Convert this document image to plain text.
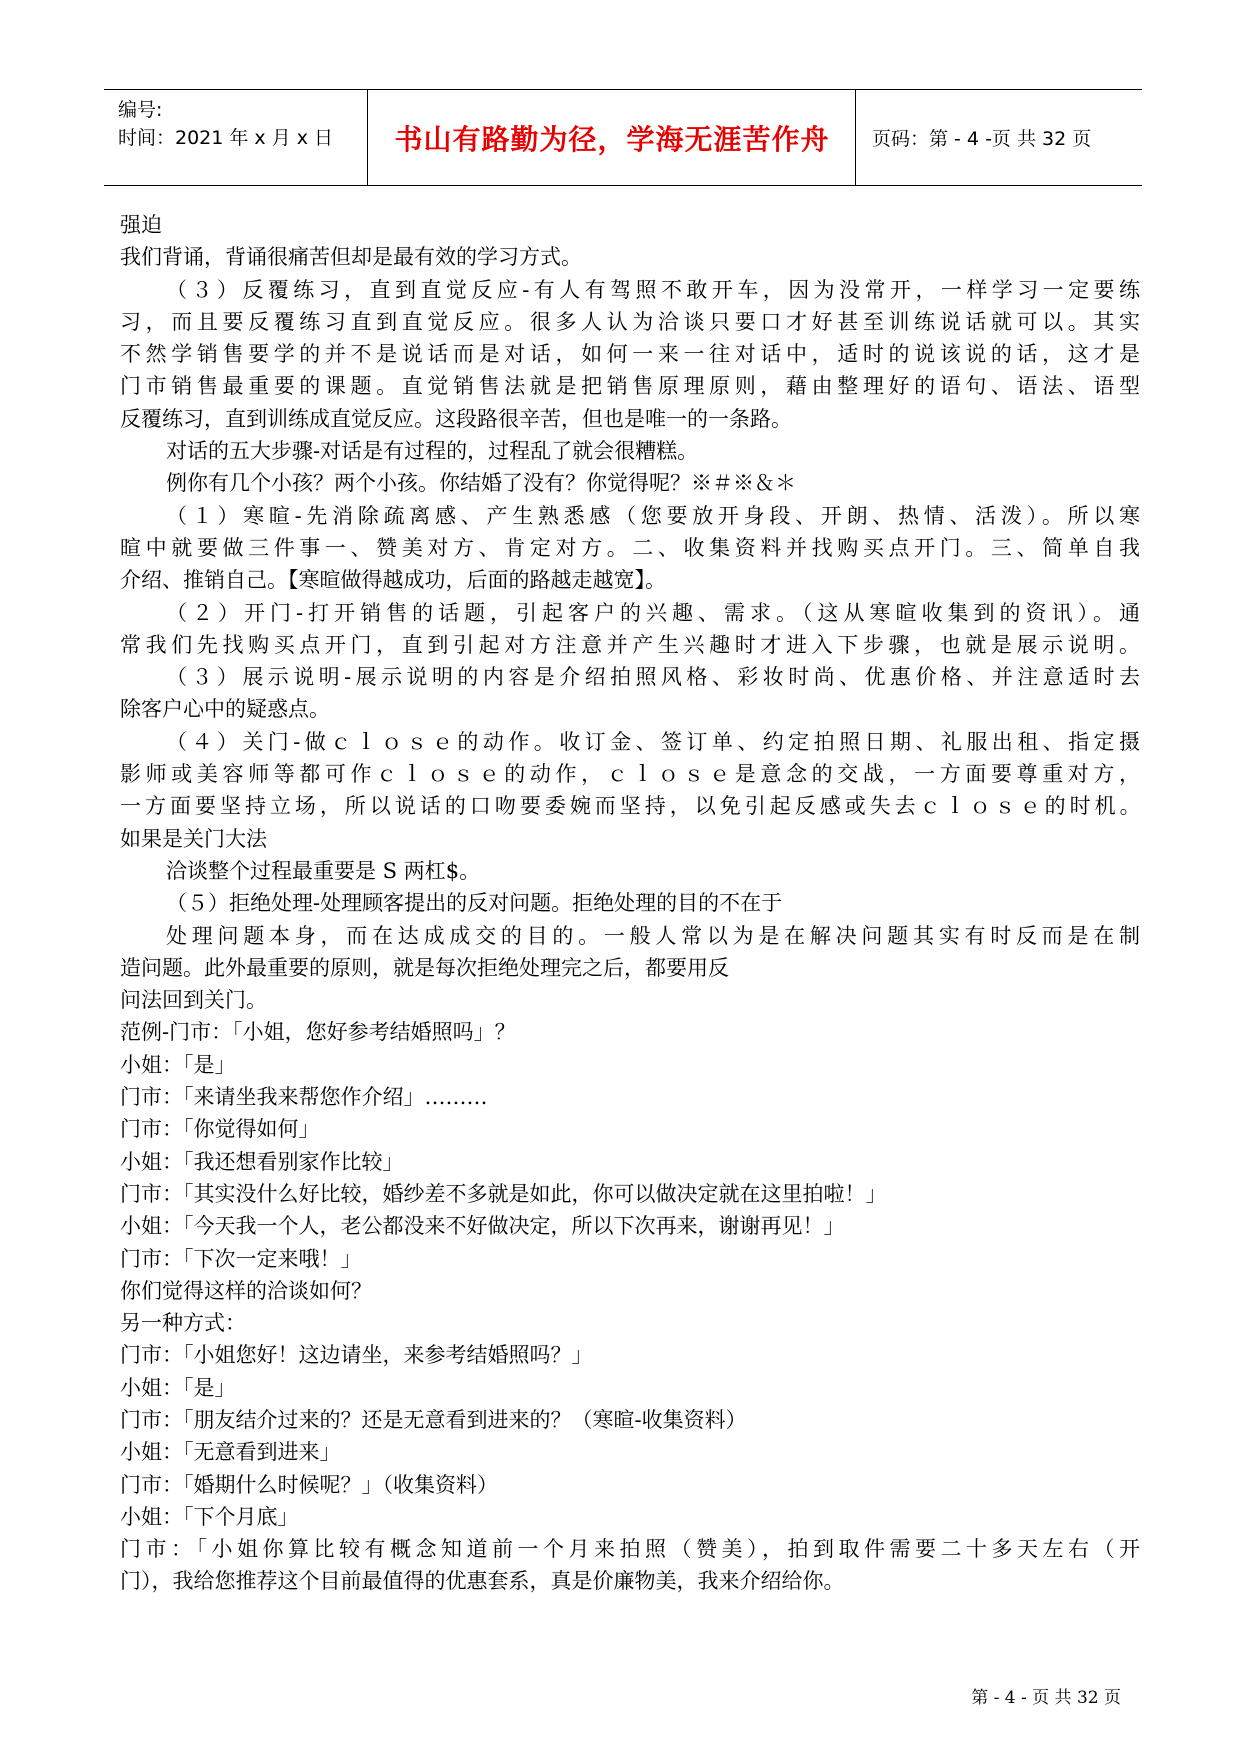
编号:
时间：2021 年 x 月 x 日	书山有路勤为径，学海无涯苦作舟	页码：第 - 4 -页 共 32 页
强迫
我们背诵，背诵很痛苦但却是最有效的学习方式。
（３）反覆练习，直到直觉反应-有人有驾照不敢开车，因为没常开，一样学习一定要练
习，而且要反覆练习直到直觉反应。很多人认为洽谈只要口才好甚至训练说话就可以。其实
不然学销售要学的并不是说话而是对话，如何一来一往对话中，适时的说该说的话，这才是
门市销售最重要的课题。直觉销售法就是把销售原理原则，藉由整理好的语句、语法、语型
反覆练习，直到训练成直觉反应。这段路很辛苦，但也是唯一的一条路。
对话的五大步骤-对话是有过程的，过程乱了就会很糟糕。
例你有几个小孩？两个小孩。你结婚了没有？你觉得呢？※＃※＆＊
（１）寒暄-先消除疏离感、产生熟悉感（您要放开身段、开朗、热情、活泼）。所以寒
暄中就要做三件事一、赞美对方、肯定对方。二、收集资料并找购买点开门。三、简单自我
介绍、推销自己。【寒暄做得越成功，后面的路越走越宽】。
（２）开门-打开销售的话题，引起客户的兴趣、需求。（这从寒暄收集到的资讯）。通
常我们先找购买点开门，直到引起对方注意并产生兴趣时才进入下步骤，也就是展示说明。
（３）展示说明-展示说明的内容是介绍拍照风格、彩妆时尚、优惠价格、并注意适时去
除客户心中的疑惑点。
（４）关门-做ｃｌｏｓｅ的动作。收订金、签订单、约定拍照日期、礼服出租、指定摄
影师或美容师等都可作ｃｌｏｓｅ的动作，ｃｌｏｓｅ是意念的交战，一方面要尊重对方，
一方面要坚持立场，所以说话的口吻要委婉而坚持，以免引起反感或失去ｃｌｏｓｅ的时机。
如果是关门大法
洽谈整个过程最重要是 S 两杠$。
（５）拒绝处理-处理顾客提出的反对问题。拒绝处理的目的不在于
处理问题本身，而在达成成交的目的。一般人常以为是在解决问题其实有时反而是在制
造问题。此外最重要的原则，就是每次拒绝处理完之后，都要用反
问法回到关门。
范例-门市：「小姐，您好参考结婚照吗」？
小姐：「是」
门市：「来请坐我来帮您作介绍」………
门市：「你觉得如何」
小姐：「我还想看别家作比较」
门市：「其实没什么好比较，婚纱差不多就是如此，你可以做决定就在这里拍啦！」
小姐：「今天我一个人，老公都没来不好做决定，所以下次再来，谢谢再见！」
门市：「下次一定来哦！」
你们觉得这样的洽谈如何？
另一种方式：
门市：「小姐您好！这边请坐，来参考结婚照吗？」
小姐：「是」
门市：「朋友结介过来的？还是无意看到进来的？（寒暄-收集资料）
小姐：「无意看到进来」
门市：「婚期什么时候呢？」（收集资料）
小姐：「下个月底」
门市：「小姐你算比较有概念知道前一个月来拍照（赞美），拍到取件需要二十多天左右（开
门），我给您推荐这个目前最值得的优惠套系，真是价廉物美，我来介绍给你。
第 - 4 - 页 共 32 页
